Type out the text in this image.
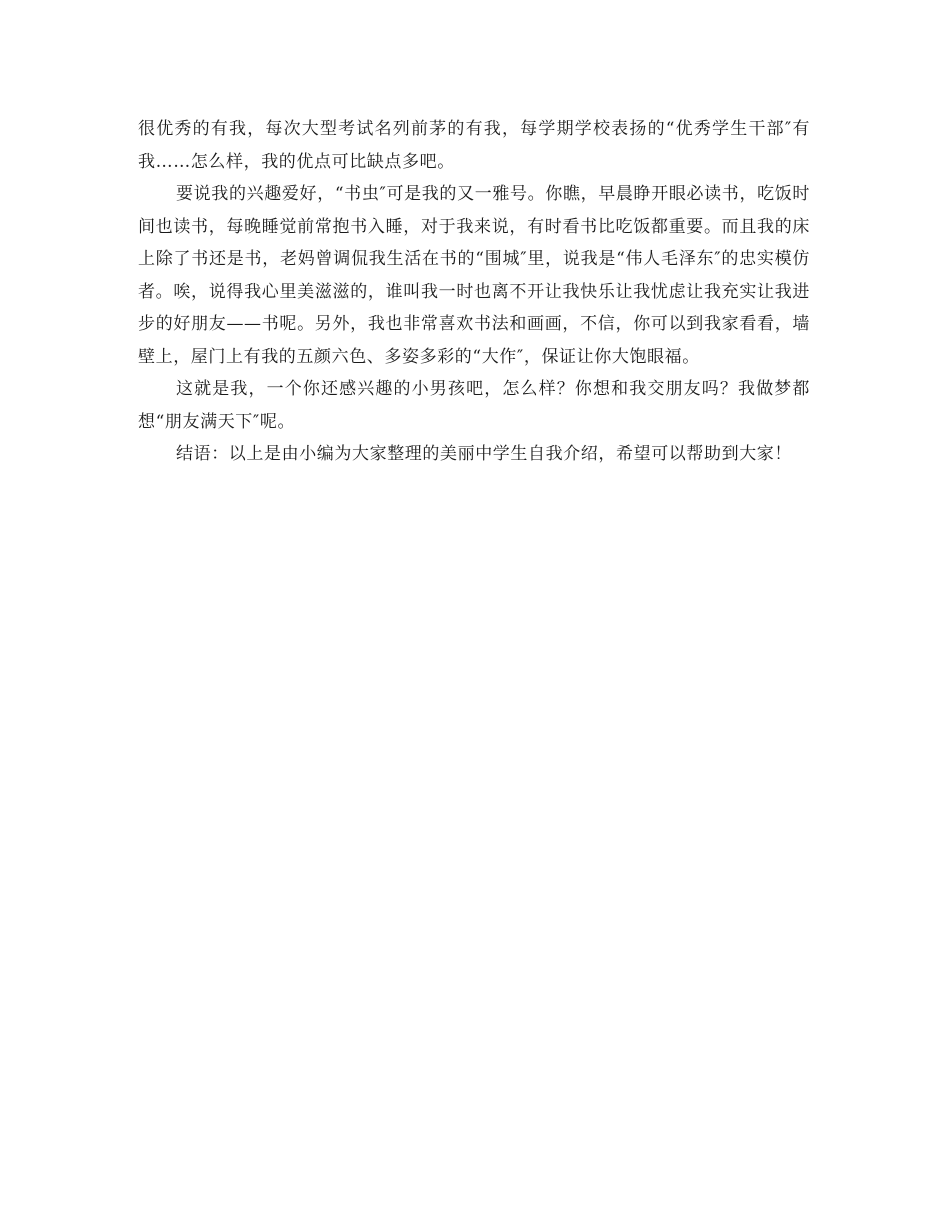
很优秀的有我，每次大型考试名列前茅的有我，每学期学校表扬的“优秀学生干部″有我……怎么样，我的优点可比缺点多吧。

要说我的兴趣爱好，“书虫″可是我的又一雅号。你瞧，早晨睁开眼必读书，吃饭时间也读书，每晚睡觉前常抱书入睡，对于我来说，有时看书比吃饭都重要。而且我的床上除了书还是书，老妈曾调侃我生活在书的“围城″里，说我是“伟人毛泽东″的忠实模仿者。唉，说得我心里美滋滋的，谁叫我一时也离不开让我快乐让我忧虑让我充实让我进步的好朋友——书呢。另外，我也非常喜欢书法和画画，不信，你可以到我家看看，墙壁上，屋门上有我的五颜六色、多姿多彩的“大作″，保证让你大饱眼福。

这就是我，一个你还感兴趣的小男孩吧，怎么样？你想和我交朋友吗？我做梦都想“朋友满天下″呢。

结语：以上是由小编为大家整理的美丽中学生自我介绍，希望可以帮助到大家！
